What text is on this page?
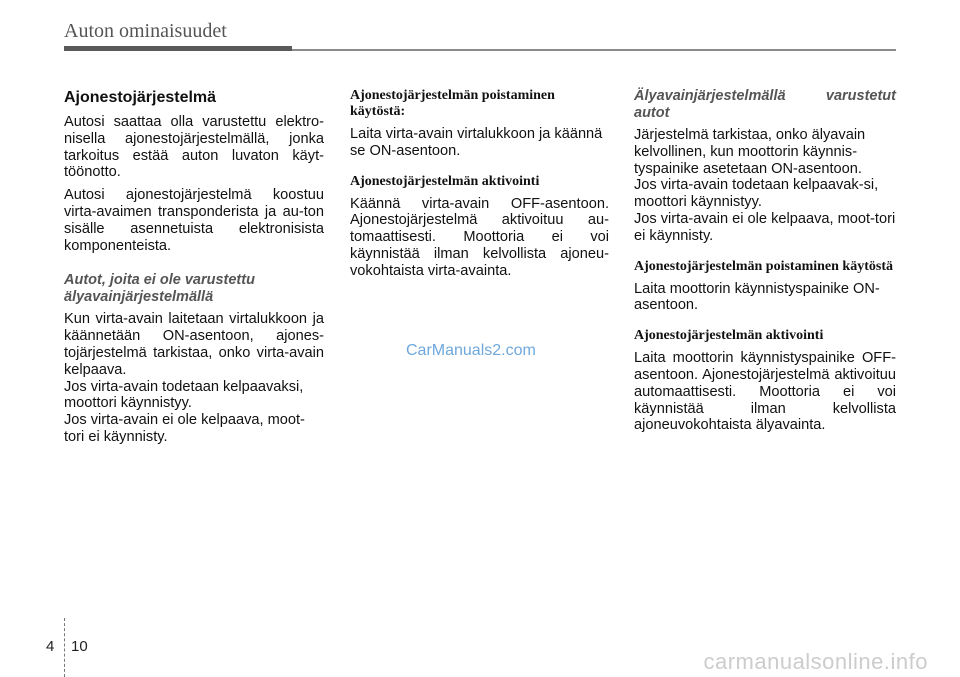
Auton ominaisuudet
Ajonestojärjestelmä

Autosi saattaa olla varustettu elektro-nisella ajonestojärjestelmällä, jonka tarkoitus estää auton luvaton käyt-töönotto.

Autosi ajonestojärjestelmä koostuu virta-avaimen transponderista ja au-ton sisälle asennetuista elektronisista komponenteista.

Autot, joita ei ole varustettu älyavainjärjestelmällä

Kun virta-avain laitetaan virtalukkoon ja käännetään ON-asentoon, ajones-tojärjestelmä tarkistaa, onko virta-avain kelpaava.

Jos virta-avain todetaan kelpaavaksi, moottori käynnistyy.

Jos virta-avain ei ole kelpaava, moot-tori ei käynnisty.

Ajonestojärjestelmän poistaminen käytöstä:

Laita virta-avain virtalukkoon ja käännä se ON-asentoon.

Ajonestojärjestelmän aktivointi

Käännä virta-avain OFF-asentoon. Ajonestojärjestelmä aktivoituu au-tomaattisesti. Moottoria ei voi käynnistää ilman kelvollista ajoneu-vokohtaista virta-avainta.

Älyavainjärjestelmällä varustetut autot

Järjestelmä tarkistaa, onko älyavain kelvollinen, kun moottorin käynnis-tyspainike asetetaan ON-asentoon.

Jos virta-avain todetaan kelpaavak-si, moottori käynnistyy.

Jos virta-avain ei ole kelpaava, moot-tori ei käynnisty.

Ajonestojärjestelmän poistaminen käytöstä

Laita moottorin käynnistyspainike ON-asentoon.

Ajonestojärjestelmän aktivointi

Laita moottorin käynnistyspainike OFF-asentoon. Ajonestojärjestelmä aktivoituu automaattisesti. Moottoria ei voi käynnistää ilman kelvollista ajoneuvokohtaista älyavainta.

CarManuals2.com
4 10
carmanualsonline.info
